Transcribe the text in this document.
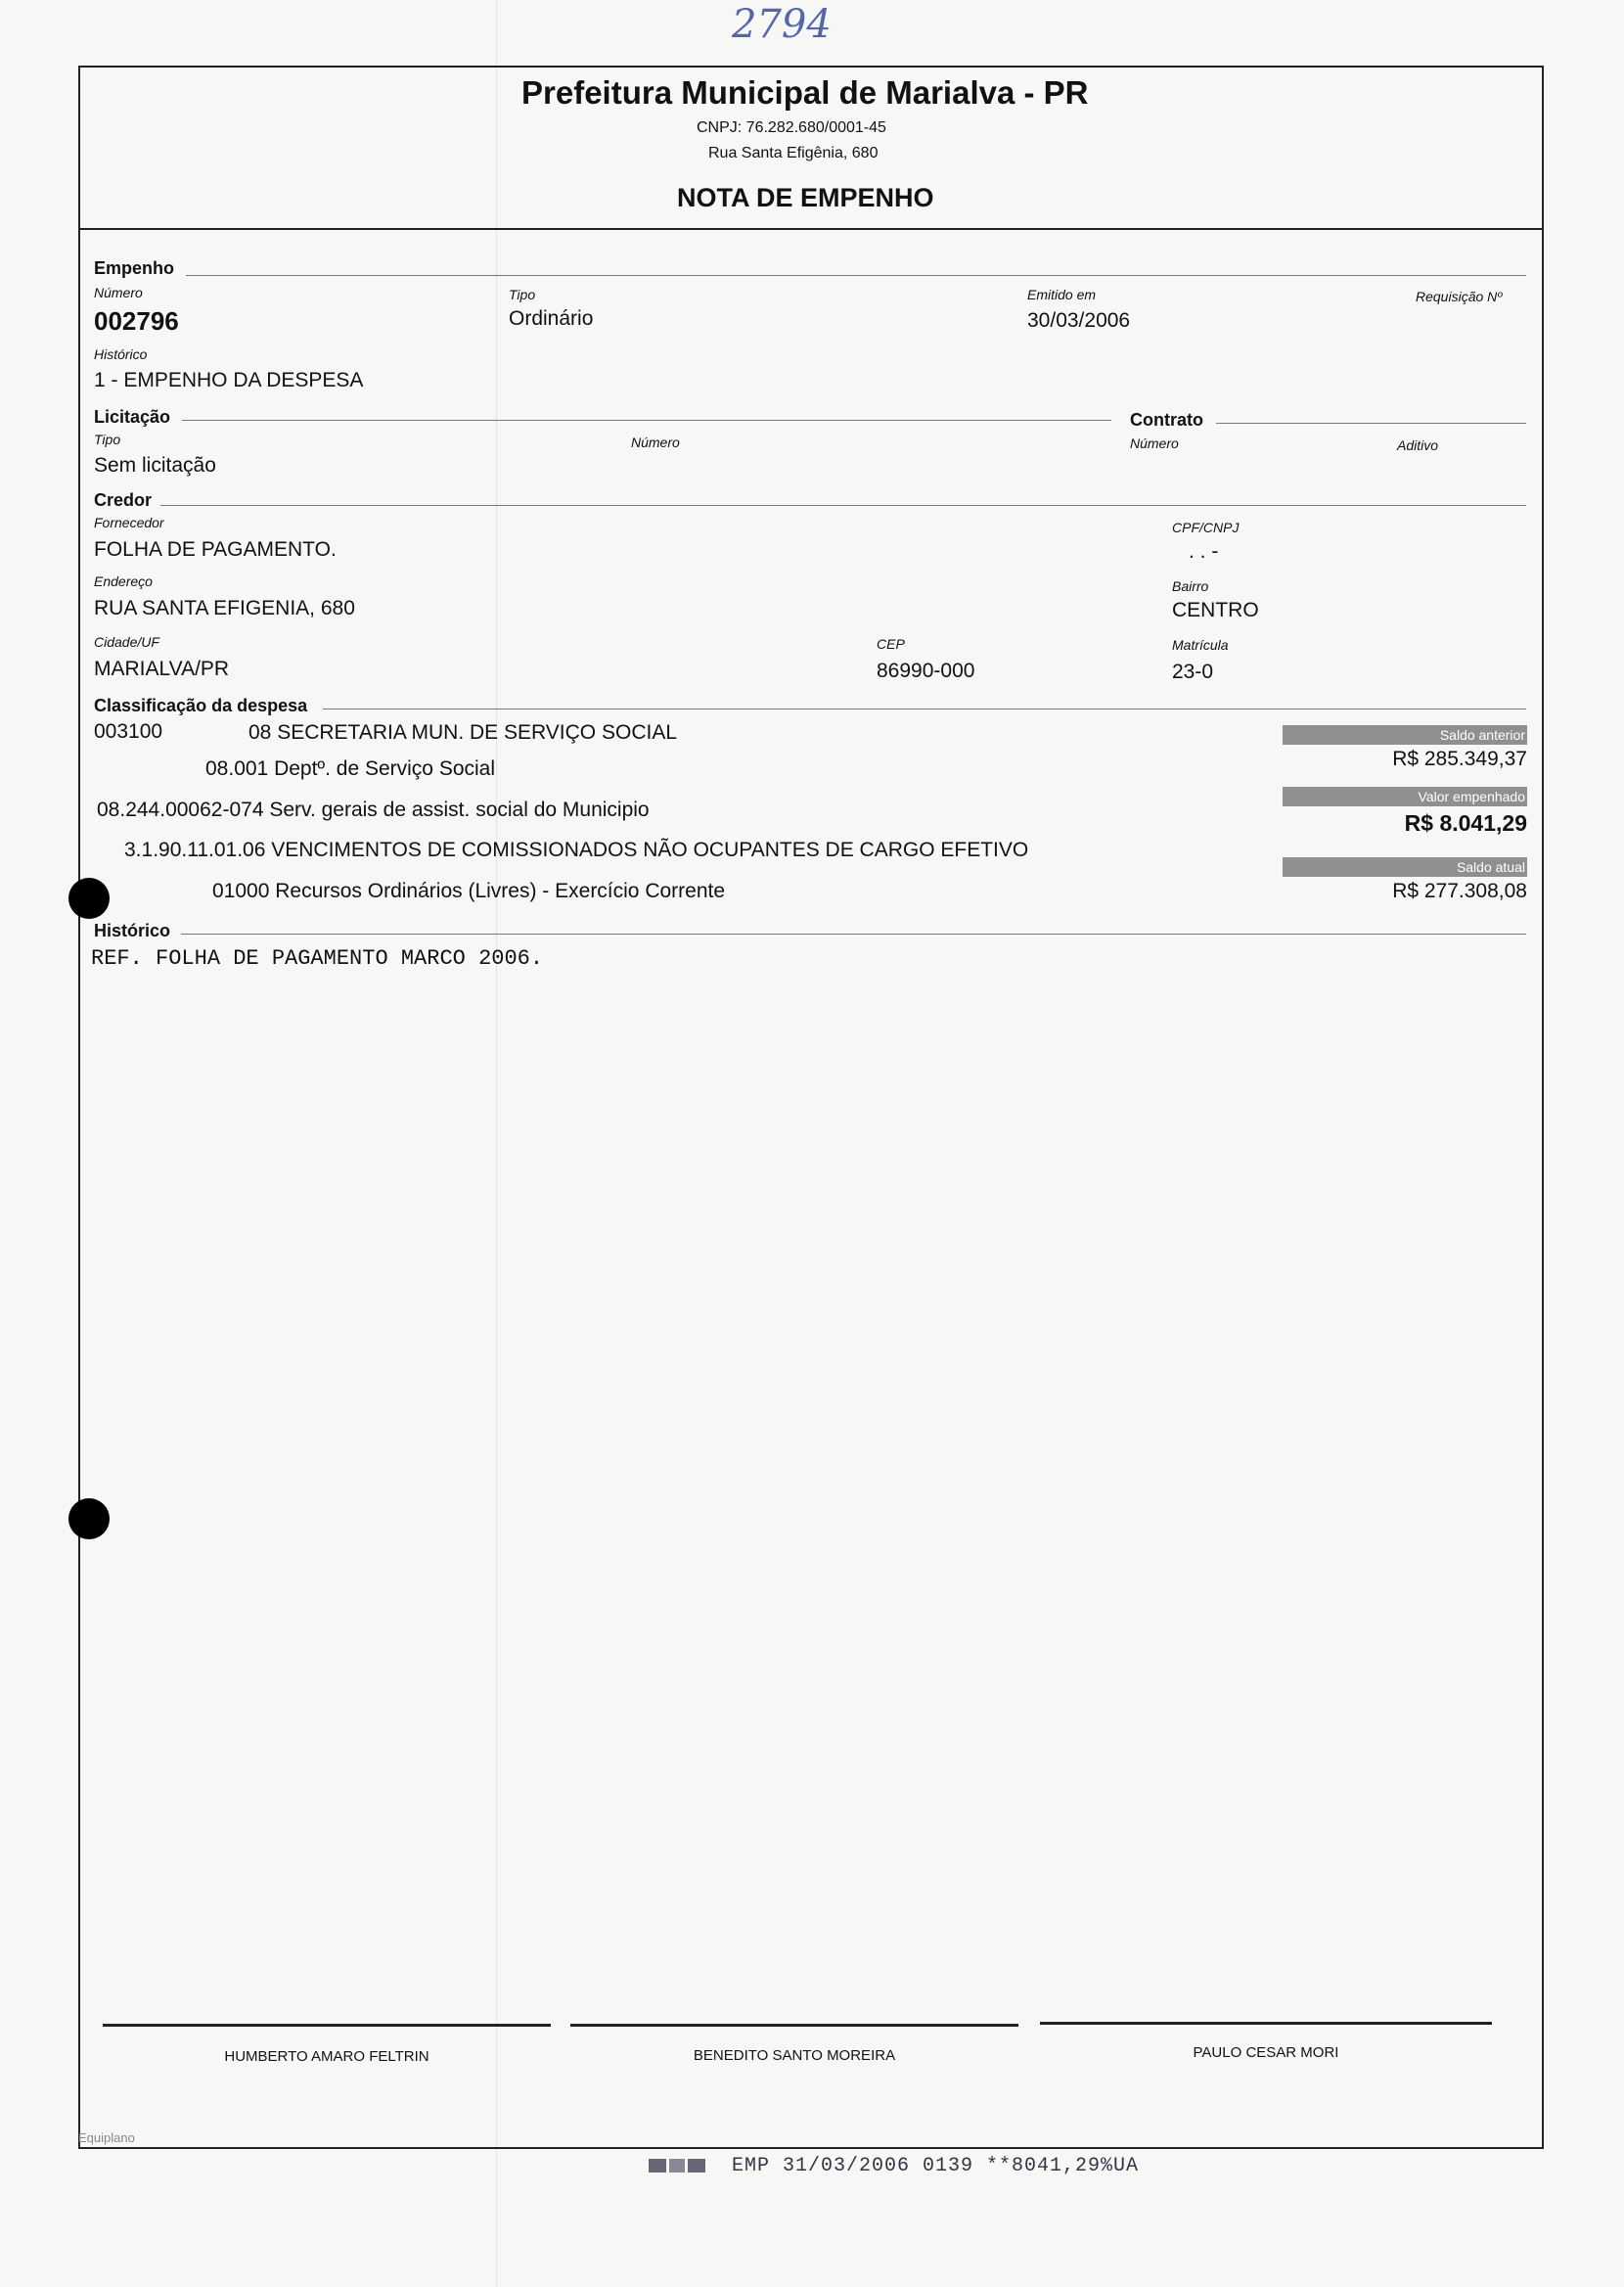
2794
Prefeitura Municipal de Marialva - PR
CNPJ: 76.282.680/0001-45
Rua Santa Efigênia, 680
NOTA DE EMPENHO
Empenho
Número
002796
Tipo
Ordinário
Emitido em
30/03/2006
Requisição Nº
Histórico
1 - EMPENHO DA DESPESA
Licitação	Contrato
Tipo
Sem licitação
Número	Número	Aditivo
Credor
Fornecedor
FOLHA DE PAGAMENTO.
CPF/CNPJ
. . -
Endereço
RUA SANTA EFIGENIA, 680
Bairro
CENTRO
Cidade/UF
MARIALVA/PR
CEP
86990-000
Matrícula
23-0
Classificação da despesa
003100	08 SECRETARIA MUN. DE SERVIÇO SOCIAL
08.001 Deptº. de Serviço Social
08.244.00062-074 Serv. gerais de assist. social do Municipio
3.1.90.11.01.06 VENCIMENTOS DE COMISSIONADOS NÃO OCUPANTES DE CARGO EFETIVO
01000 Recursos Ordinários (Livres) - Exercício Corrente
Saldo anterior
R$ 285.349,37
Valor empenhado
R$ 8.041,29
Saldo atual
R$ 277.308,08
Histórico
REF. FOLHA DE PAGAMENTO MARCO 2006.
HUMBERTO AMARO FELTRIN	BENEDITO SANTO MOREIRA	PAULO CESAR MORI
Equiplano
EMP 31/03/2006 0139 **8041,29%UA
